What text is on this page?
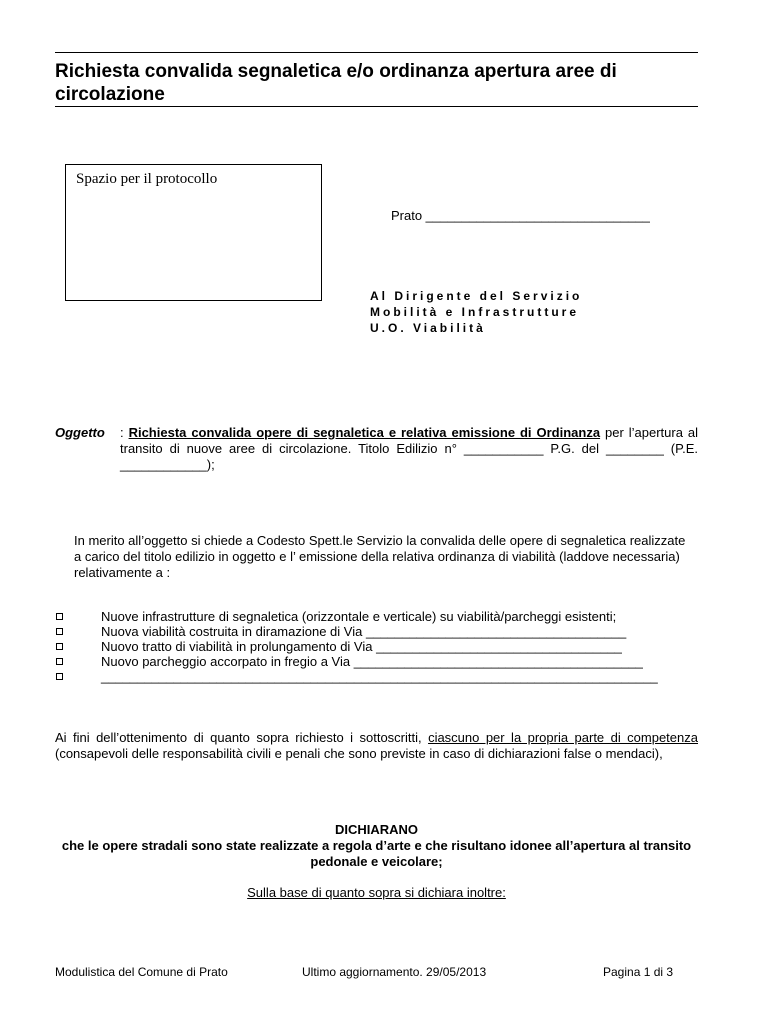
Richiesta convalida segnaletica e/o ordinanza apertura aree di circolazione
Spazio per il protocollo
Prato _______________________________
Al Dirigente del Servizio
Mobilità e Infrastrutture
U.O. Viabilità
Oggetto : Richiesta convalida opere di segnaletica e relativa emissione di Ordinanza per l’apertura al transito di nuove aree di circolazione. Titolo Edilizio n° ___________ P.G. del ________ (P.E. ____________);
In merito all’oggetto si chiede a Codesto Spett.le Servizio la convalida delle opere di segnaletica realizzate a carico del titolo edilizio in oggetto e l’ emissione della relativa ordinanza di viabilità (laddove necessaria) relativamente a :
Nuove infrastrutture di segnaletica (orizzontale e verticale) su viabilità/parcheggi esistenti;
Nuova viabilità costruita in diramazione di Via ____________________________________
Nuovo tratto di viabilità in prolungamento di Via __________________________________
Nuovo parcheggio accorpato in fregio a Via ________________________________________
_____________________________________________________________________________
Ai fini dell’ottenimento di quanto sopra richiesto i sottoscritti, ciascuno per la propria parte di competenza (consapevoli delle responsabilità civili e penali che sono previste in caso di dichiarazioni false o mendaci),
DICHIARANO
che le opere stradali sono state realizzate a regola d’arte e che risultano idonee all’apertura al transito pedonale e veicolare;
Sulla base di quanto sopra si dichiara inoltre:
Modulistica del Comune di Prato	Ultimo aggiornamento. 29/05/2013	Pagina 1 di 3
